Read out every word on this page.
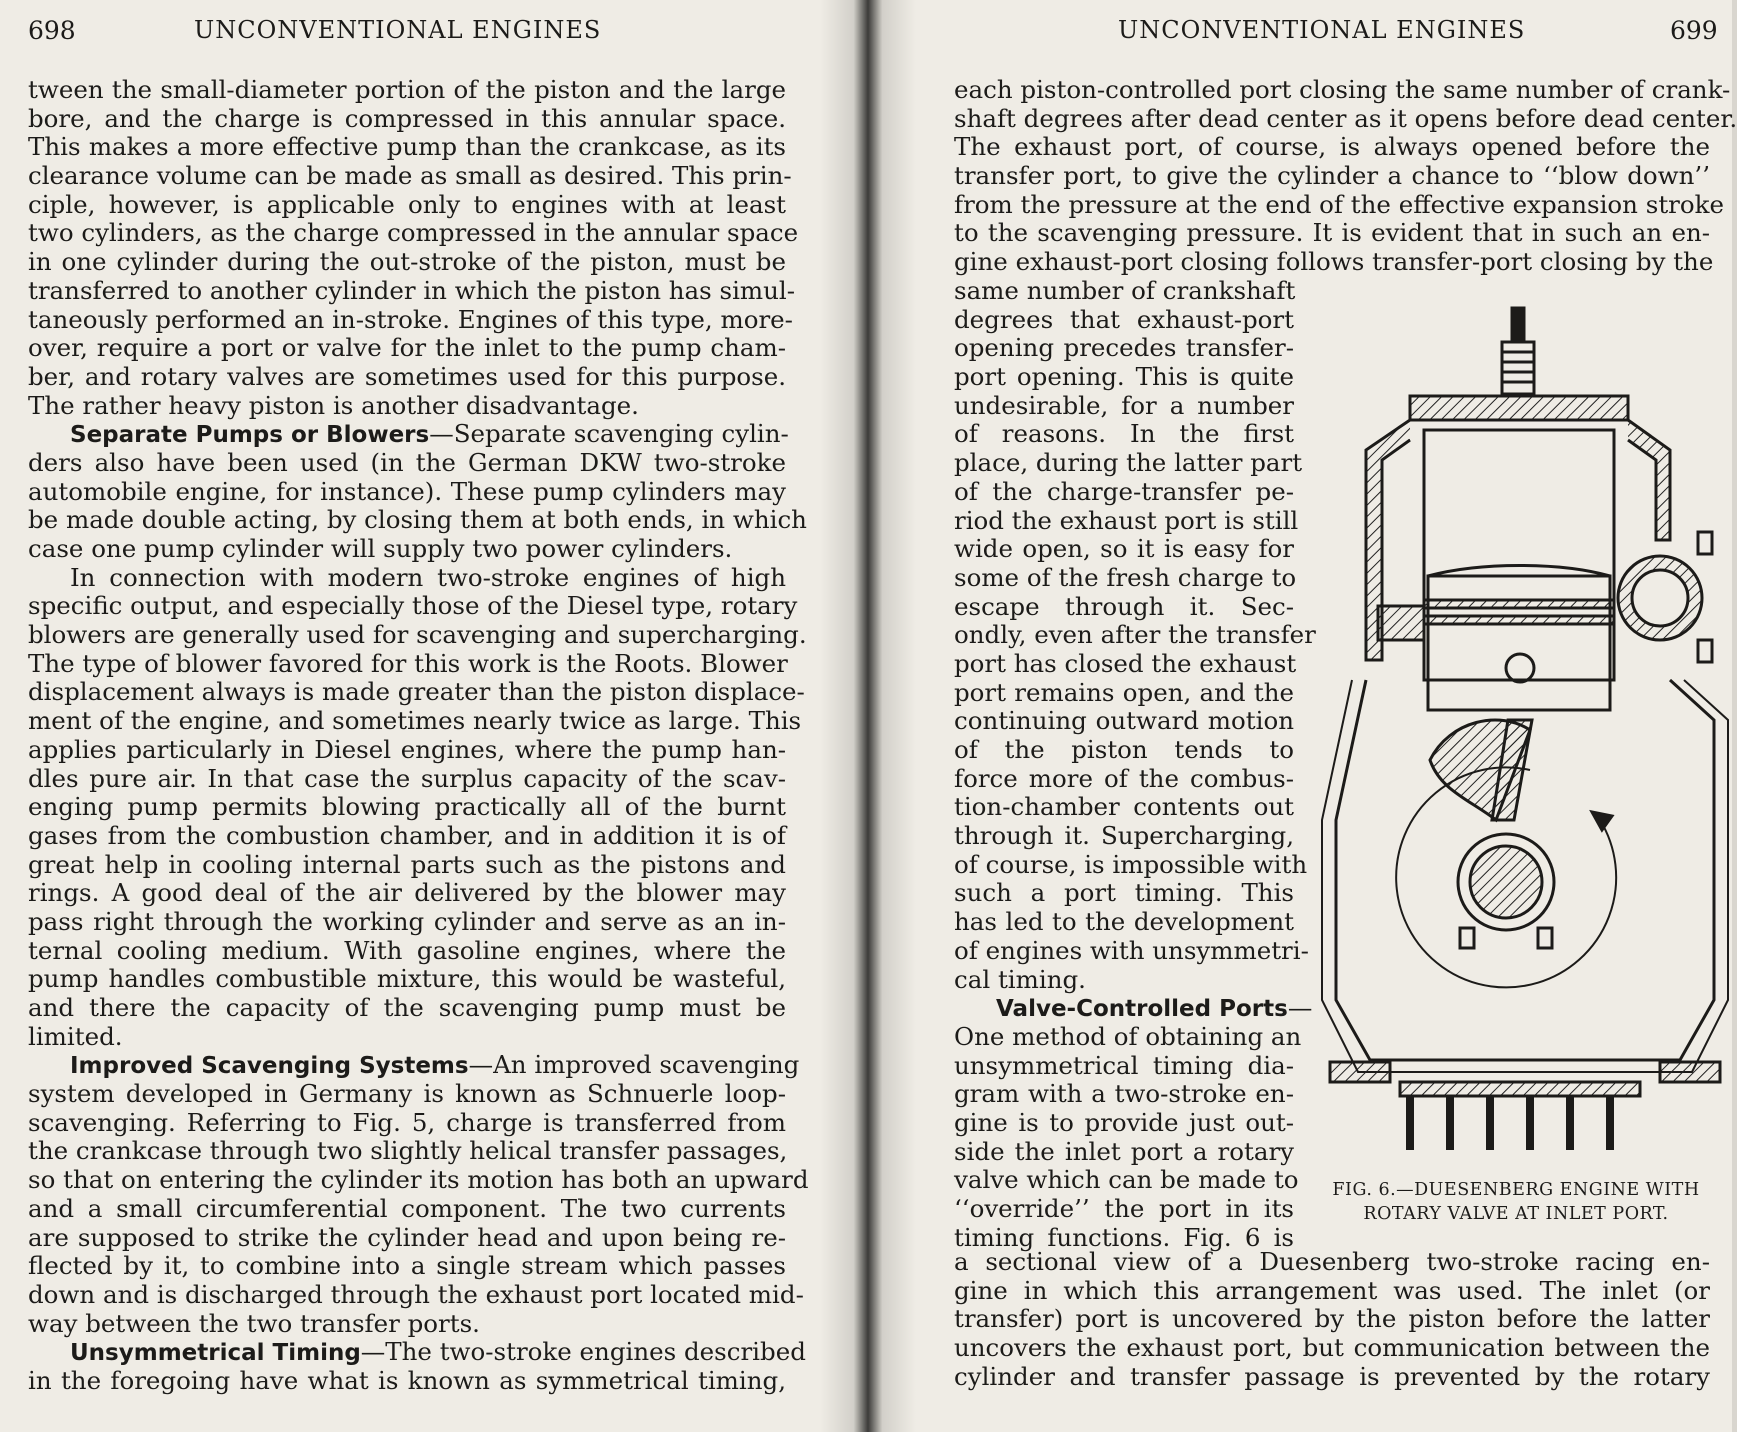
698	UNCONVENTIONAL ENGINES
tween the small-diameter portion of the piston and the large
bore, and the charge is compressed in this annular space.
This makes a more effective pump than the crankcase, as its
clearance volume can be made as small as desired. This prin-
ciple, however, is applicable only to engines with at least
two cylinders, as the charge compressed in the annular space
in one cylinder during the out-stroke of the piston, must be
transferred to another cylinder in which the piston has simul-
taneously performed an in-stroke. Engines of this type, more-
over, require a port or valve for the inlet to the pump cham-
ber, and rotary valves are sometimes used for this purpose.
The rather heavy piston is another disadvantage.
Separate Pumps or Blowers—Separate scavenging cylin-
ders also have been used (in the German DKW two-stroke
automobile engine, for instance). These pump cylinders may
be made double acting, by closing them at both ends, in which
case one pump cylinder will supply two power cylinders.
In connection with modern two-stroke engines of high
specific output, and especially those of the Diesel type, rotary
blowers are generally used for scavenging and supercharging.
The type of blower favored for this work is the Roots. Blower
displacement always is made greater than the piston displace-
ment of the engine, and sometimes nearly twice as large. This
applies particularly in Diesel engines, where the pump han-
dles pure air. In that case the surplus capacity of the scav-
enging pump permits blowing practically all of the burnt
gases from the combustion chamber, and in addition it is of
great help in cooling internal parts such as the pistons and
rings. A good deal of the air delivered by the blower may
pass right through the working cylinder and serve as an in-
ternal cooling medium. With gasoline engines, where the
pump handles combustible mixture, this would be wasteful,
and there the capacity of the scavenging pump must be
limited.
Improved Scavenging Systems—An improved scavenging
system developed in Germany is known as Schnuerle loop-
scavenging. Referring to Fig. 5, charge is transferred from
the crankcase through two slightly helical transfer passages,
so that on entering the cylinder its motion has both an upward
and a small circumferential component. The two currents
are supposed to strike the cylinder head and upon being re-
flected by it, to combine into a single stream which passes
down and is discharged through the exhaust port located mid-
way between the two transfer ports.
Unsymmetrical Timing—The two-stroke engines described
in the foregoing have what is known as symmetrical timing,
UNCONVENTIONAL ENGINES	699
each piston-controlled port closing the same number of crank-
shaft degrees after dead center as it opens before dead center.
The exhaust port, of course, is always opened before the
transfer port, to give the cylinder a chance to ‘‘blow down’’
from the pressure at the end of the effective expansion stroke
to the scavenging pressure. It is evident that in such an en-
gine exhaust-port closing follows transfer-port closing by the
same number of crankshaft
degrees that exhaust-port
opening precedes transfer-
port opening. This is quite
undesirable, for a number
of reasons. In the first
place, during the latter part
of the charge-transfer pe-
riod the exhaust port is still
wide open, so it is easy for
some of the fresh charge to
escape through it. Sec-
ondly, even after the transfer
port has closed the exhaust
port remains open, and the
continuing outward motion
of the piston tends to
force more of the combus-
tion-chamber contents out
through it. Supercharging,
of course, is impossible with
such a port timing. This
has led to the development
of engines with unsymmetri-
cal timing.
Valve-Controlled Ports—
One method of obtaining an
unsymmetrical timing dia-
gram with a two-stroke en-
gine is to provide just out-
side the inlet port a rotary
valve which can be made to
‘‘override’’ the port in its
timing functions. Fig. 6 is
a sectional view of a Duesenberg two-stroke racing en-
gine in which this arrangement was used. The inlet (or
transfer) port is uncovered by the piston before the latter
uncovers the exhaust port, but communication between the
cylinder and transfer passage is prevented by the rotary
FIG. 6.—DUESENBERG ENGINE WITH
ROTARY VALVE AT INLET PORT.
